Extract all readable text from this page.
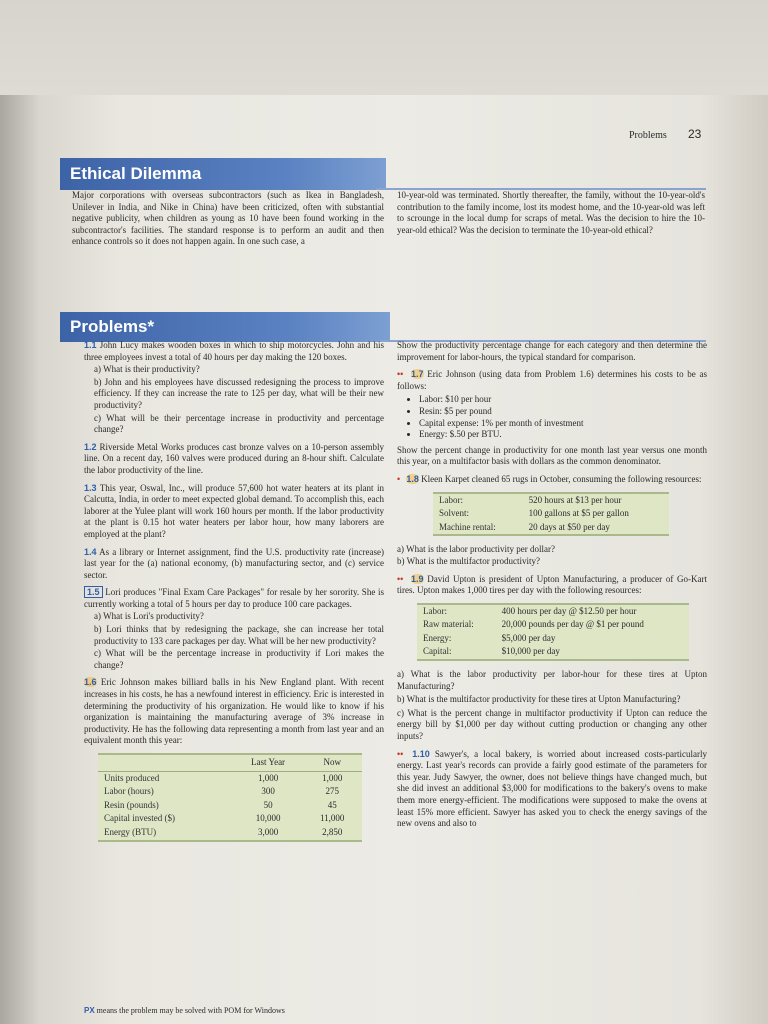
Problems 23
Ethical Dilemma

Major corporations with overseas subcontractors (such as Ikea in Bangladesh, Unilever in India, and Nike in China) have been criticized, often with substantial negative publicity, when children as young as 10 have been found working in the subcontractor's facilities. The standard response is to perform an audit and then enhance controls so it does not happen again. In one such case, a

10-year-old was terminated. Shortly thereafter, the family, without the 10-year-old's contribution to the family income, lost its modest home, and the 10-year-old was left to scrounge in the local dump for scraps of metal. Was the decision to hire the 10-year-old ethical? Was the decision to terminate the 10-year-old ethical?

Problems*

1.1 John Lucy makes wooden boxes in which to ship motorcycles. John and his three employees invest a total of 40 hours per day making the 120 boxes.

a) What is their productivity?

b) John and his employees have discussed redesigning the process to improve efficiency. If they can increase the rate to 125 per day, what will be their new productivity?

c) What will be their percentage increase in productivity and percentage change?

1.2 Riverside Metal Works produces cast bronze valves on a 10-person assembly line. On a recent day, 160 valves were produced during an 8-hour shift. Calculate the labor productivity of the line.

1.3 This year, Oswal, Inc., will produce 57,600 hot water heaters at its plant in Calcutta, India, in order to meet expected global demand. To accomplish this, each laborer at the Yulee plant will work 160 hours per month. If the labor productivity at the plant is 0.15 hot water heaters per labor hour, how many laborers are employed at the plant?

1.4 As a library or Internet assignment, find the U.S. productivity rate (increase) last year for the (a) national economy, (b) manufacturing sector, and (c) service sector.

1.5 Lori produces "Final Exam Care Packages" for resale by her sorority. She is currently working a total of 5 hours per day to produce 100 care packages.

a) What is Lori's productivity?

b) Lori thinks that by redesigning the package, she can increase her total productivity to 133 care packages per day. What will be her new productivity?

c) What will be the percentage increase in productivity if Lori makes the change?

1.6 Eric Johnson makes billiard balls in his New England plant. With recent increases in his costs, he has a newfound interest in efficiency. Eric is interested in determining the productivity of his organization. He would like to know if his organization is maintaining the manufacturing average of 3% increase in productivity. He has the following data representing a month from last year and an equivalent month this year:

	Last Year	Now
Units produced	1,000	1,000
Labor (hours)	300	275
Resin (pounds)	50	45
Capital invested ($)	10,000	11,000
Energy (BTU)	3,000	2,850

Show the productivity percentage change for each category and then determine the improvement for labor-hours, the typical standard for comparison.

•• 1.7 Eric Johnson (using data from Problem 1.6) determines his costs to be as follows:

• Labor: $10 per hour
• Resin: $5 per pound
• Capital expense: 1% per month of investment
• Energy: $.50 per BTU.

Show the percent change in productivity for one month last year versus one month this year, on a multifactor basis with dollars as the common denominator.

• 1.8 Kleen Karpet cleaned 65 rugs in October, consuming the following resources:

Labor:	520 hours at $13 per hour
Solvent:	100 gallons at $5 per gallon
Machine rental:	20 days at $50 per day

a) What is the labor productivity per dollar?

b) What is the multifactor productivity?

•• 1.9 David Upton is president of Upton Manufacturing, a producer of Go-Kart tires. Upton makes 1,000 tires per day with the following resources:

Labor:	400 hours per day @ $12.50 per hour
Raw material:	20,000 pounds per day @ $1 per pound
Energy:	$5,000 per day
Capital:	$10,000 per day

a) What is the labor productivity per labor-hour for these tires at Upton Manufacturing?

b) What is the multifactor productivity for these tires at Upton Manufacturing?

c) What is the percent change in multifactor productivity if Upton can reduce the energy bill by $1,000 per day without cutting production or changing any other inputs?

•• 1.10 Sawyer's, a local bakery, is worried about increased costs-particularly energy. Last year's records can provide a fairly good estimate of the parameters for this year. Judy Sawyer, the owner, does not believe things have changed much, but she did invest an additional $3,000 for modifications to the bakery's ovens to make them more energy-efficient. The modifications were supposed to make the ovens at least 15% more efficient. Sawyer has asked you to check the energy savings of the new ovens and also to

PX means the problem may be solved with POM for Windows
